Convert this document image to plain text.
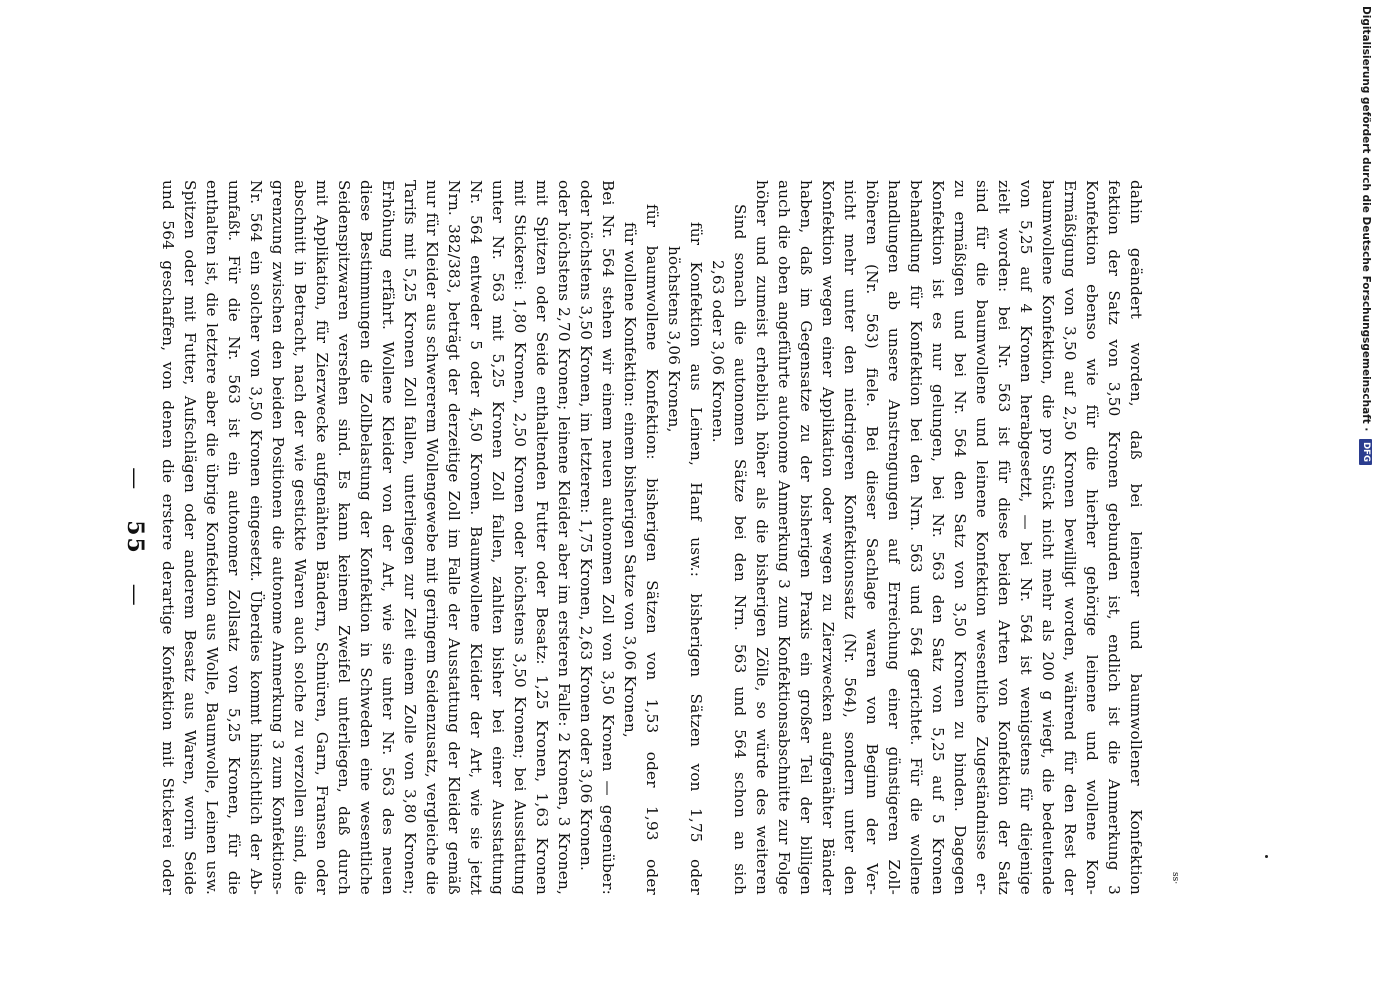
—   55   — und 564 geschaffen, von denen die ersterе derartige Konfektion mit Stickerei oder Spitzen oder mit Futter, Aufschlägen oder anderem Besatz aus Waren, worin Seide enthalten ist, die letztere aber die übrige Konfektion aus Wolle, Baumwolle, Leinen usw. umfaßt. Für die Nr. 563 ist ein autonomer Zollsatz von 5,25 Kronen, für die Nr. 564 ein solcher von 3,50 Kronen eingesetzt. Überdies kommt hinsichtlich der Ab- grenzung zwischen den beiden Positionen die autonome Anmerkung 3 zum Konfektions- abschnitt in Betracht, nach der wie gestickte Waren auch solche zu verzollen sind, die mit Applikation, für Zierzwecke aufgenähten Bändern, Schnüren, Garn, Fransen oder Seidenspitzwaren versehen sind. Es kann keinem Zweifel unterliegen, daß durch diese Bestimmungen die Zollbelastung der Konfektion in Schweden eine wesentliche Erhöhung erfährt. Wollene Kleider von der Art, wie sie unter Nr. 563 des neuen Tarifs mit 5,25 Kronen Zoll fallen, unterliegen zur Zeit einem Zolle von 3,80 Kronen; nur für Kleider aus schwererem Wollengewebe mit geringem Seidenzusatz, vergleiche die Nrn. 382/383, beträgt der derzeitige Zoll im Falle der Ausstattung der Kleider gemäß Nr. 564 entweder 5 oder 4,50 Kronen. Baumwollene Kleider der Art, wie sie jetzt unter Nr. 563 mit 5,25 Kronen Zoll fallen, zahlten bisher bei einer Ausstattung mit Stickerei: 1,80 Kronen, 2,50 Kronen oder höchstens 3,50 Kronen; bei Ausstattung mit Spitzen oder Seide enthaltenden Futter oder Besatz: 1,25 Kronen, 1,63 Kronen oder höchstens 2,70 Kronen; leinene Kleider aber im ersteren Falle: 2 Kronen, 3 Kronen, oder höchstens 3,50 Kronen, im letzteren: 1,75 Kronen, 2,63 Kronen oder 3,06 Kronen. Bei Nr. 564 stehen wir einem neuen autonomen Zoll von 3,50 Kronen — gegenüber: für wollene Konfektion: einem bisherigen Satze von 3,06 Kronen, für baumwollene Konfektion: bisherigen Sätzen von 1,53 oder 1,93 oder höchstens 3,06 Kronen, für Konfektion aus Leinen, Hanf usw.: bisherigen Sätzen von 1,75 oder 2,63 oder 3,06 Kronen. Sind sonach die autonomen Sätze bei den Nrn. 563 und 564 schon an sich höher und zumeist erheblich höher als die bisherigen Zölle, so würde des weiteren auch die oben angeführte autonome Anmerkung 3 zum Konfektionsabschnitte zur Folge haben, daß im Gegensatze zu der bisherigen Praxis ein großer Teil der billigen Konfektion wegen einer Applikation oder wegen zu Zierzwecken aufgenähter Bänder nicht mehr unter den niedrigeren Konfektionssatz (Nr. 564), sondern unter den höheren (Nr. 563) fiele. Bei dieser Sachlage waren von Beginn der Ver- handlungen ab unsere Anstrengungen auf Erreichung einer günstigeren Zoll- behandlung für Konfektion bei den Nrn. 563 und 564 gerichtet. Für die wollene Konfektion ist es nur gelungen, bei Nr. 563 den Satz von 5,25 auf 5 Kronen zu ermäßigen und bei Nr. 564 den Satz von 3,50 Kronen zu binden. Dagegen sind für die baumwollene und leinene Konfektion wesentliche Zugeständnisse er- zielt worden: bei Nr. 563 ist für diese beiden Arten von Konfektion der Satz von 5,25 auf 4 Kronen herabgesetzt, — bei Nr. 564 ist wenigstens für diejenige baumwollene Konfektion, die pro Stück nicht mehr als 200 g wiegt, die bedeutende Ermäßigung von 3,50 auf 2,50 Kronen bewilligt worden, während für den Rest der Konfektion ebenso wie für die hierher gehörige leinene und wollene Kon- fektion der Satz von 3,50 Kronen gebunden ist, endlich ist die Anmerkung 3 dahin geändert worden, daß bei leinener und baumwollener Konfektion	ss·
Digitalisierung gefördert durch die Deutsche Forschungsgemeinschaft · DFG
